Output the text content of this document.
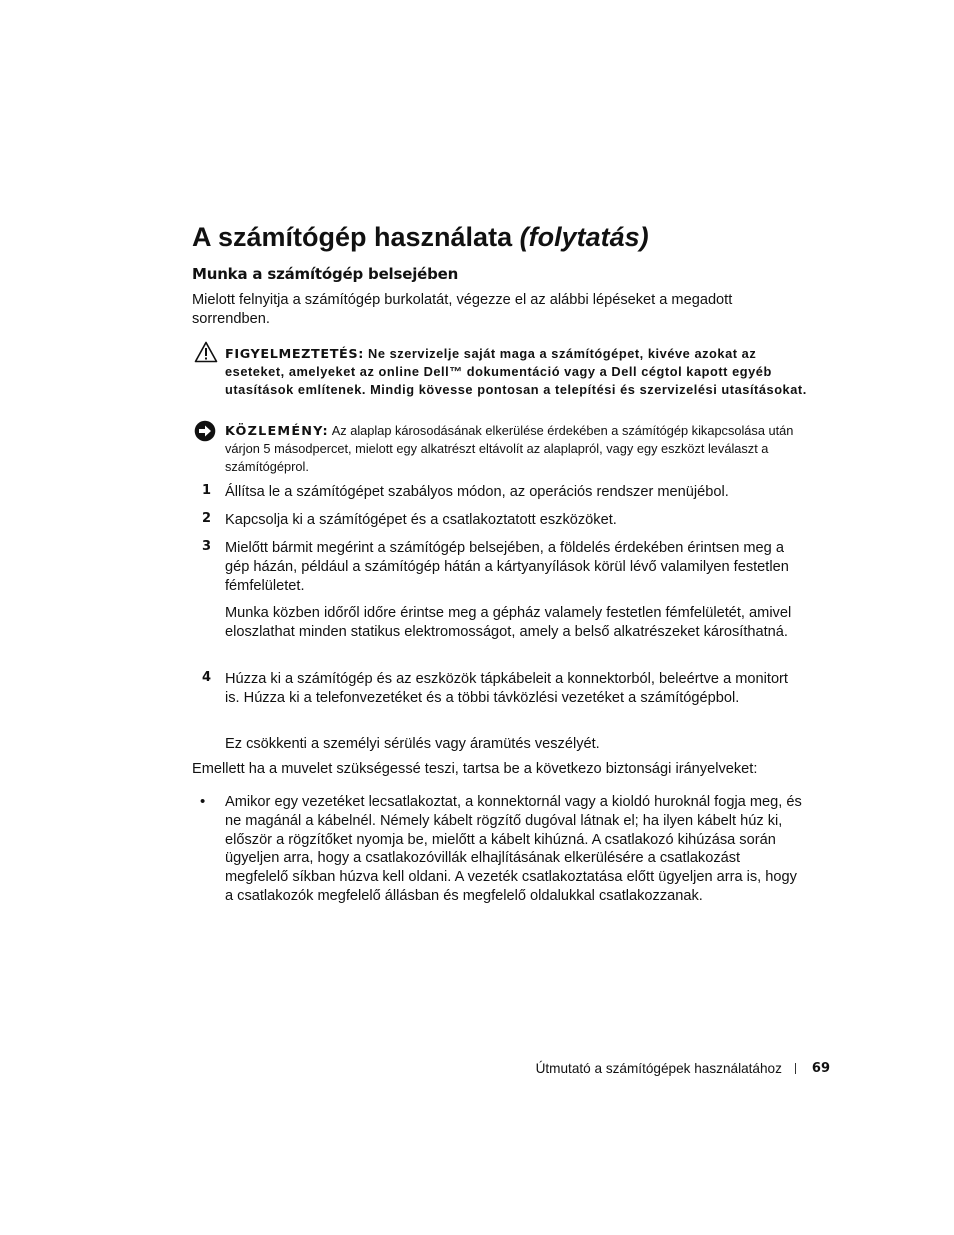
A számítógép használata (folytatás)
Munka a számítógép belsejében
Mielott felnyitja a számítógép burkolatát, végezze el az alábbi lépéseket a megadott sorrendben.
FIGYELMEZTETÉS: Ne szervizelje saját maga a számítógépet, kivéve azokat az eseteket, amelyeket az online Dell™ dokumentáció vagy a Dell cégtol kapott egyéb utasítások említenek. Mindig kövesse pontosan a telepítési és szervizelési utasításokat.
KÖZLEMÉNY: Az alaplap károsodásának elkerülése érdekében a számítógép kikapcsolása után várjon 5 másodpercet, mielott egy alkatrészt eltávolít az alaplapról, vagy egy eszközt leválaszt a számítógéprol.
1 Állítsa le a számítógépet szabályos módon, az operációs rendszer menüjébol.
2 Kapcsolja ki a számítógépet és a csatlakoztatott eszközöket.
3 Mielőtt bármit megérint a számítógép belsejében, a földelés érdekében érintsen meg a gép házán, például a számítógép hátán a kártyanyílások körül lévő valamilyen festetlen fémfelületet.
Munka közben időről időre érintse meg a gépház valamely festetlen fémfelületét, amivel eloszlathat minden statikus elektromosságot, amely a belső alkatrészeket károsíthatná.
4 Húzza ki a számítógép és az eszközök tápkábeleit a konnektorból, beleértve a monitort is. Húzza ki a telefonvezetéket és a többi távközlési vezetéket a számítógépbol.
Ez csökkenti a személyi sérülés vagy áramütés veszélyét.
Emellett ha a muvelet szükségessé teszi, tartsa be a következo biztonsági irányelveket:
• Amikor egy vezetéket lecsatlakoztat, a konnektornál vagy a kioldó huroknál fogja meg, és ne magánál a kábelnél. Némely kábelt rögzítő dugóval látnak el; ha ilyen kábelt húz ki, először a rögzítőket nyomja be, mielőtt a kábelt kihúzná. A csatlakozó kihúzása során ügyeljen arra, hogy a csatlakozóvillák elhajlításának elkerülésére a csatlakozást megfelelő síkban húzva kell oldani. A vezeték csatlakoztatása előtt ügyeljen arra is, hogy a csatlakozók megfelelő állásban és megfelelő oldalukkal csatlakozzanak.
Útmutató a számítógépek használatához 69
